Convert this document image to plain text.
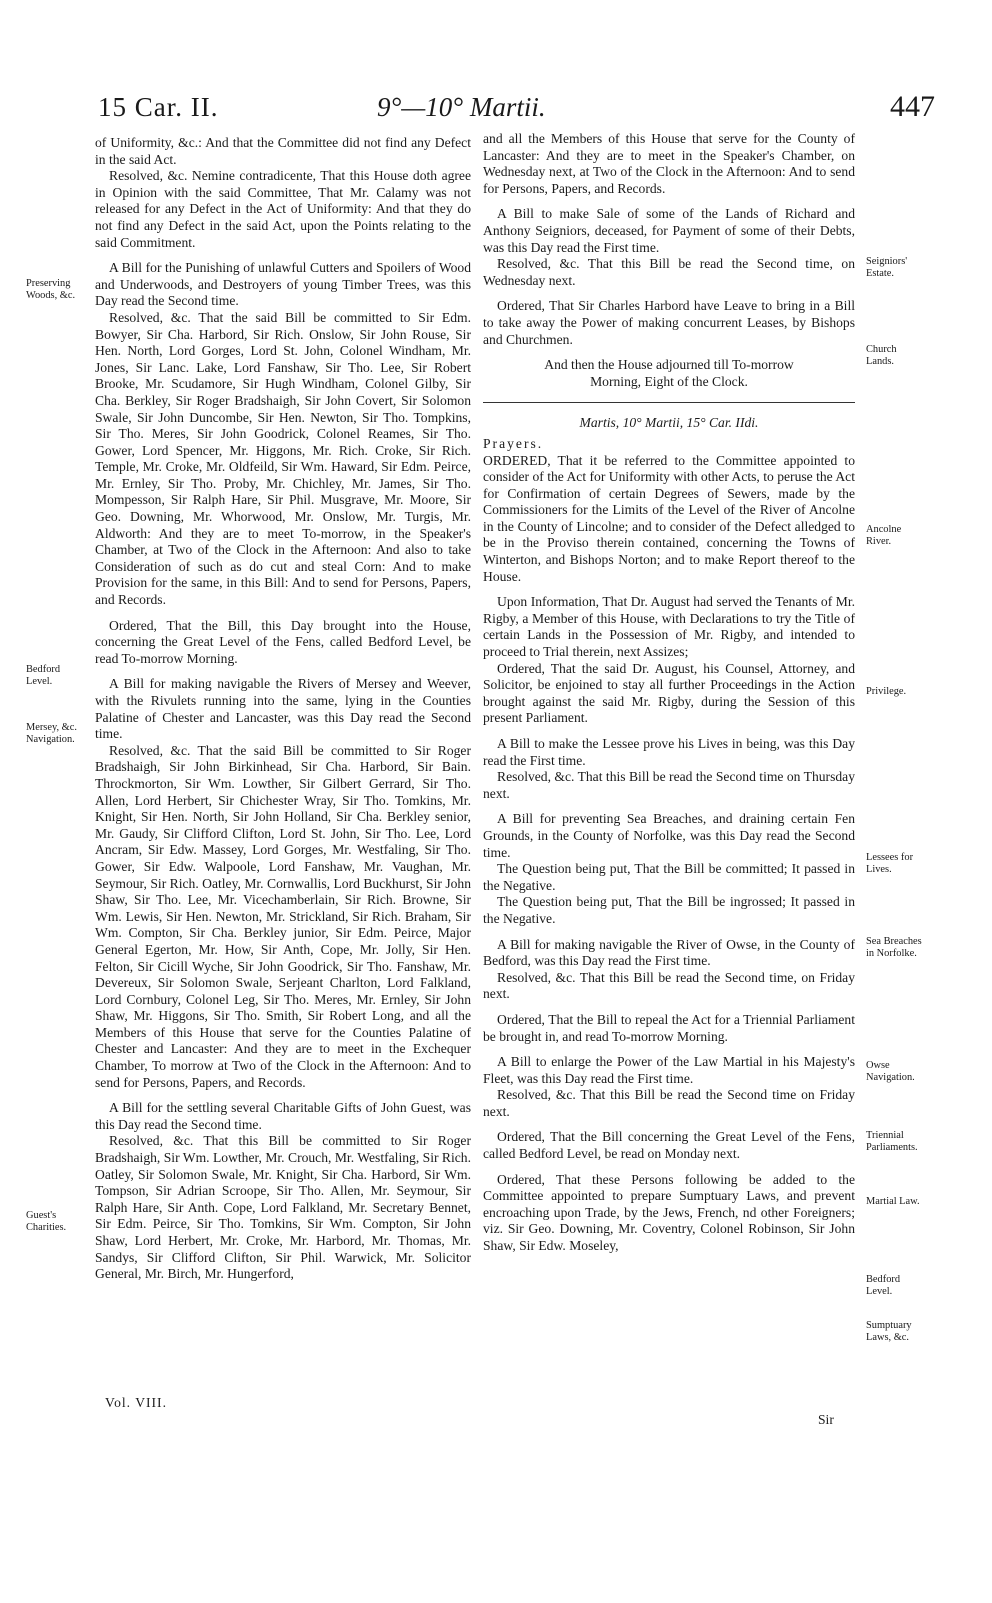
15 Car. II.	9°—10° Martii.	447

of Uniformity, &c.: And that the Committee did not find any Defect in the said Act.

Resolved, &c. Nemine contradicente, That this House doth agree in Opinion with the said Committee, That Mr. Calamy was not released for any Defect in the Act of Uniformity: And that they do not find any Defect in the said Act, upon the Points relating to the said Commitment.

A Bill for the Punishing of unlawful Cutters and Spoilers of Wood and Underwoods, and Destroyers of young Timber Trees, was this Day read the Second time.

Resolved, &c. That the said Bill be committed to Sir Edm. Bowyer, Sir Cha. Harbord, Sir Rich. Onslow, Sir John Rouse, Sir Hen. North, Lord Gorges, Lord St. John, Colonel Windham, Mr. Jones, Sir Lanc. Lake, Lord Fanshaw, Sir Tho. Lee, Sir Robert Brooke, Mr. Scudamore, Sir Hugh Windham, Colonel Gilby, Sir Cha. Berkley, Sir Roger Bradshaigh, Sir John Covert, Sir Solomon Swale, Sir John Duncombe, Sir Hen. Newton, Sir Tho. Tompkins, Sir Tho. Meres, Sir John Goodrick, Colonel Reames, Sir Tho. Gower, Lord Spencer, Mr. Higgons, Mr. Rich. Croke, Sir Rich. Temple, Mr. Croke, Mr. Oldfeild, Sir Wm. Haward, Sir Edm. Peirce, Mr. Ernley, Sir Tho. Proby, Mr. Chichley, Mr. James, Sir Tho. Mompesson, Sir Ralph Hare, Sir Phil. Musgrave, Mr. Moore, Sir Geo. Downing, Mr. Whorwood, Mr. Onslow, Mr. Turgis, Mr. Aldworth: And they are to meet To-morrow, in the Speaker's Chamber, at Two of the Clock in the Afternoon: And also to take Consideration of such as do cut and steal Corn: And to make Provision for the same, in this Bill: And to send for Persons, Papers, and Records.

Ordered, That the Bill, this Day brought into the House, concerning the Great Level of the Fens, called Bedford Level, be read To-morrow Morning.

A Bill for making navigable the Rivers of Mersey and Weever, with the Rivulets running into the same, lying in the Counties Palatine of Chester and Lancaster, was this Day read the Second time.

Resolved, &c. That the said Bill be committed to Sir Roger Bradshaigh, Sir John Birkinhead, Sir Cha. Harbord, Sir Bain. Throckmorton, Sir Wm. Lowther, Sir Gilbert Gerrard, Sir Tho. Allen, Lord Herbert, Sir Chichester Wray, Sir Tho. Tomkins, Mr. Knight, Sir Hen. North, Sir John Holland, Sir Cha. Berkley senior, Mr. Gaudy, Sir Clifford Clifton, Lord St. John, Sir Tho. Lee, Lord Ancram, Sir Edw. Massey, Lord Gorges, Mr. Westfaling, Sir Tho. Gower, Sir Edw. Walpoole, Lord Fanshaw, Mr. Vaughan, Mr. Seymour, Sir Rich. Oatley, Mr. Cornwallis, Lord Buckhurst, Sir John Shaw, Sir Tho. Lee, Mr. Vicechamberlain, Sir Rich. Browne, Sir Wm. Lewis, Sir Hen. Newton, Mr. Strickland, Sir Rich. Braham, Sir Wm. Compton, Sir Cha. Berkley junior, Sir Edm. Peirce, Major General Egerton, Mr. How, Sir Anth, Cope, Mr. Jolly, Sir Hen. Felton, Sir Cicill Wyche, Sir John Goodrick, Sir Tho. Fanshaw, Mr. Devereux, Sir Solomon Swale, Serjeant Charlton, Lord Falkland, Lord Cornbury, Colonel Leg, Sir Tho. Meres, Mr. Ernley, Sir John Shaw, Mr. Higgons, Sir Tho. Smith, Sir Robert Long, and all the Members of this House that serve for the Counties Palatine of Chester and Lancaster: And they are to meet in the Exchequer Chamber, To morrow at Two of the Clock in the Afternoon: And to send for Persons, Papers, and Records.

A Bill for the settling several Charitable Gifts of John Guest, was this Day read the Second time.

Resolved, &c. That this Bill be committed to Sir Roger Bradshaigh, Sir Wm. Lowther, Mr. Crouch, Mr. Westfaling, Sir Rich. Oatley, Sir Solomon Swale, Mr. Knight, Sir Cha. Harbord, Sir Wm. Tompson, Sir Adrian Scroope, Sir Tho. Allen, Mr. Seymour, Sir Ralph Hare, Sir Anth. Cope, Lord Falkland, Mr. Secretary Bennet, Sir Edm. Peirce, Sir Tho. Tomkins, Sir Wm. Compton, Sir John Shaw, Lord Herbert, Mr. Croke, Mr. Harbord, Mr. Thomas, Mr. Sandys, Sir Clifford Clifton, Sir Phil. Warwick, Mr. Solicitor General, Mr. Birch, Mr. Hungerford,

and all the Members of this House that serve for the County of Lancaster: And they are to meet in the Speaker's Chamber, on Wednesday next, at Two of the Clock in the Afternoon: And to send for Persons, Papers, and Records.

A Bill to make Sale of some of the Lands of Richard and Anthony Seigniors, deceased, for Payment of some of their Debts, was this Day read the First time.

Resolved, &c. That this Bill be read the Second time, on Wednesday next.

Ordered, That Sir Charles Harbord have Leave to bring in a Bill to take away the Power of making concurrent Leases, by Bishops and Churchmen.

And then the House adjourned till To-morrow Morning, Eight of the Clock.

Martis, 10° Martii, 15° Car. IIdi.

Prayers.

ORDERED, That it be referred to the Committee appointed to consider of the Act for Uniformity with other Acts, to peruse the Act for Confirmation of certain Degrees of Sewers, made by the Commissioners for the Limits of the Level of the River of Ancolne in the County of Lincolne; and to consider of the Defect alledged to be in the Proviso therein contained, concerning the Towns of Winterton, and Bishops Norton; and to make Report thereof to the House.

Upon Information, That Dr. August had served the Tenants of Mr. Rigby, a Member of this House, with Declarations to try the Title of certain Lands in the Possession of Mr. Rigby, and intended to proceed to Trial therein, next Assizes;

Ordered, That the said Dr. August, his Counsel, Attorney, and Solicitor, be enjoined to stay all further Proceedings in the Action brought against the said Mr. Rigby, during the Session of this present Parliament.

A Bill to make the Lessee prove his Lives in being, was this Day read the First time.

Resolved, &c. That this Bill be read the Second time on Thursday next.

A Bill for preventing Sea Breaches, and draining certain Fen Grounds, in the County of Norfolke, was this Day read the Second time.

The Question being put, That the Bill be committed; It passed in the Negative.

The Question being put, That the Bill be ingrossed; It passed in the Negative.

A Bill for making navigable the River of Owse, in the County of Bedford, was this Day read the First time.

Resolved, &c. That this Bill be read the Second time, on Friday next.

Ordered, That the Bill to repeal the Act for a Triennial Parliament be brought in, and read To-morrow Morning.

A Bill to enlarge the Power of the Law Martial in his Majesty's Fleet, was this Day read the First time.

Resolved, &c. That this Bill be read the Second time on Friday next.

Ordered, That the Bill concerning the Great Level of the Fens, called Bedford Level, be read on Monday next.

Ordered, That these Persons following be added to the Committee appointed to prepare Sumptuary Laws, and prevent encroaching upon Trade, by the Jews, French, nd other Foreigners; viz. Sir Geo. Downing, Mr. Coventry, Colonel Robinson, Sir John Shaw, Sir Edw. Moseley,

Preserving
Woods, &c.
Bedford
Level.
Mersey, &c.
Navigation.
Guest's
Charities.
Seigniors'
Estate.
Church
Lands.
Ancolne
River.
Privilege.
Lessees for
Lives.
Sea Breaches
in Norfolke.
Owse
Navigation.
Triennial
Parliaments.
Martial Law.
Bedford
Level.
Sumptuary
Laws, &c.
Vol. VIII.
Sir
